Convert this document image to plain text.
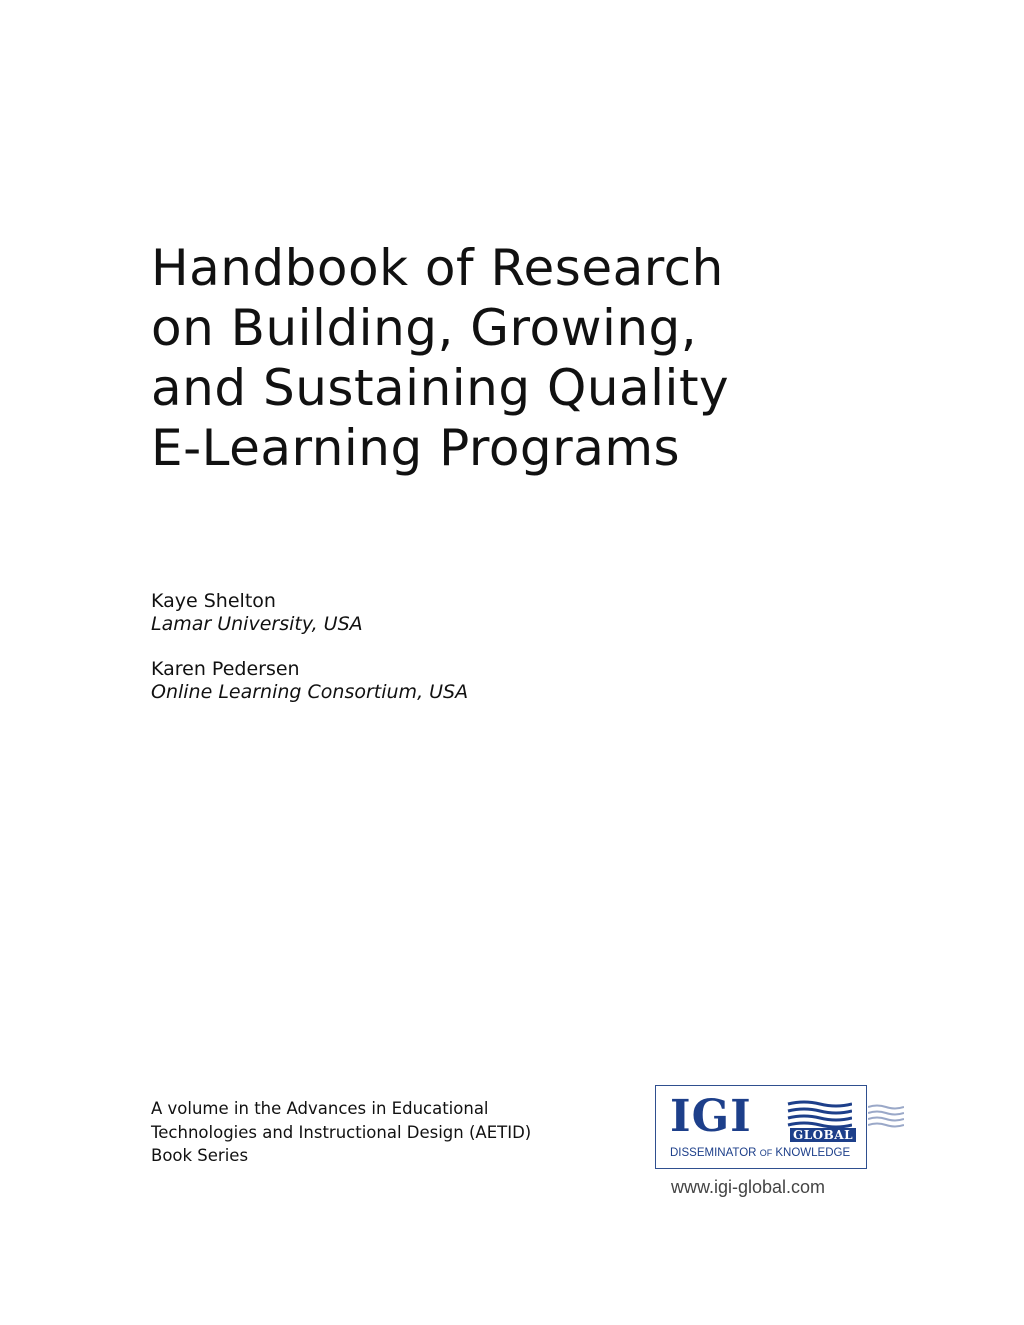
Handbook of Research
on Building, Growing,
and Sustaining Quality
E-Learning Programs
Kaye Shelton
Lamar University, USA
Karen Pedersen
Online Learning Consortium, USA
A volume in the Advances in Educational
Technologies and Instructional Design (AETID)
Book Series
IGI	GLOBAL
DISSEMINATOR OF KNOWLEDGE
www.igi-global.com
